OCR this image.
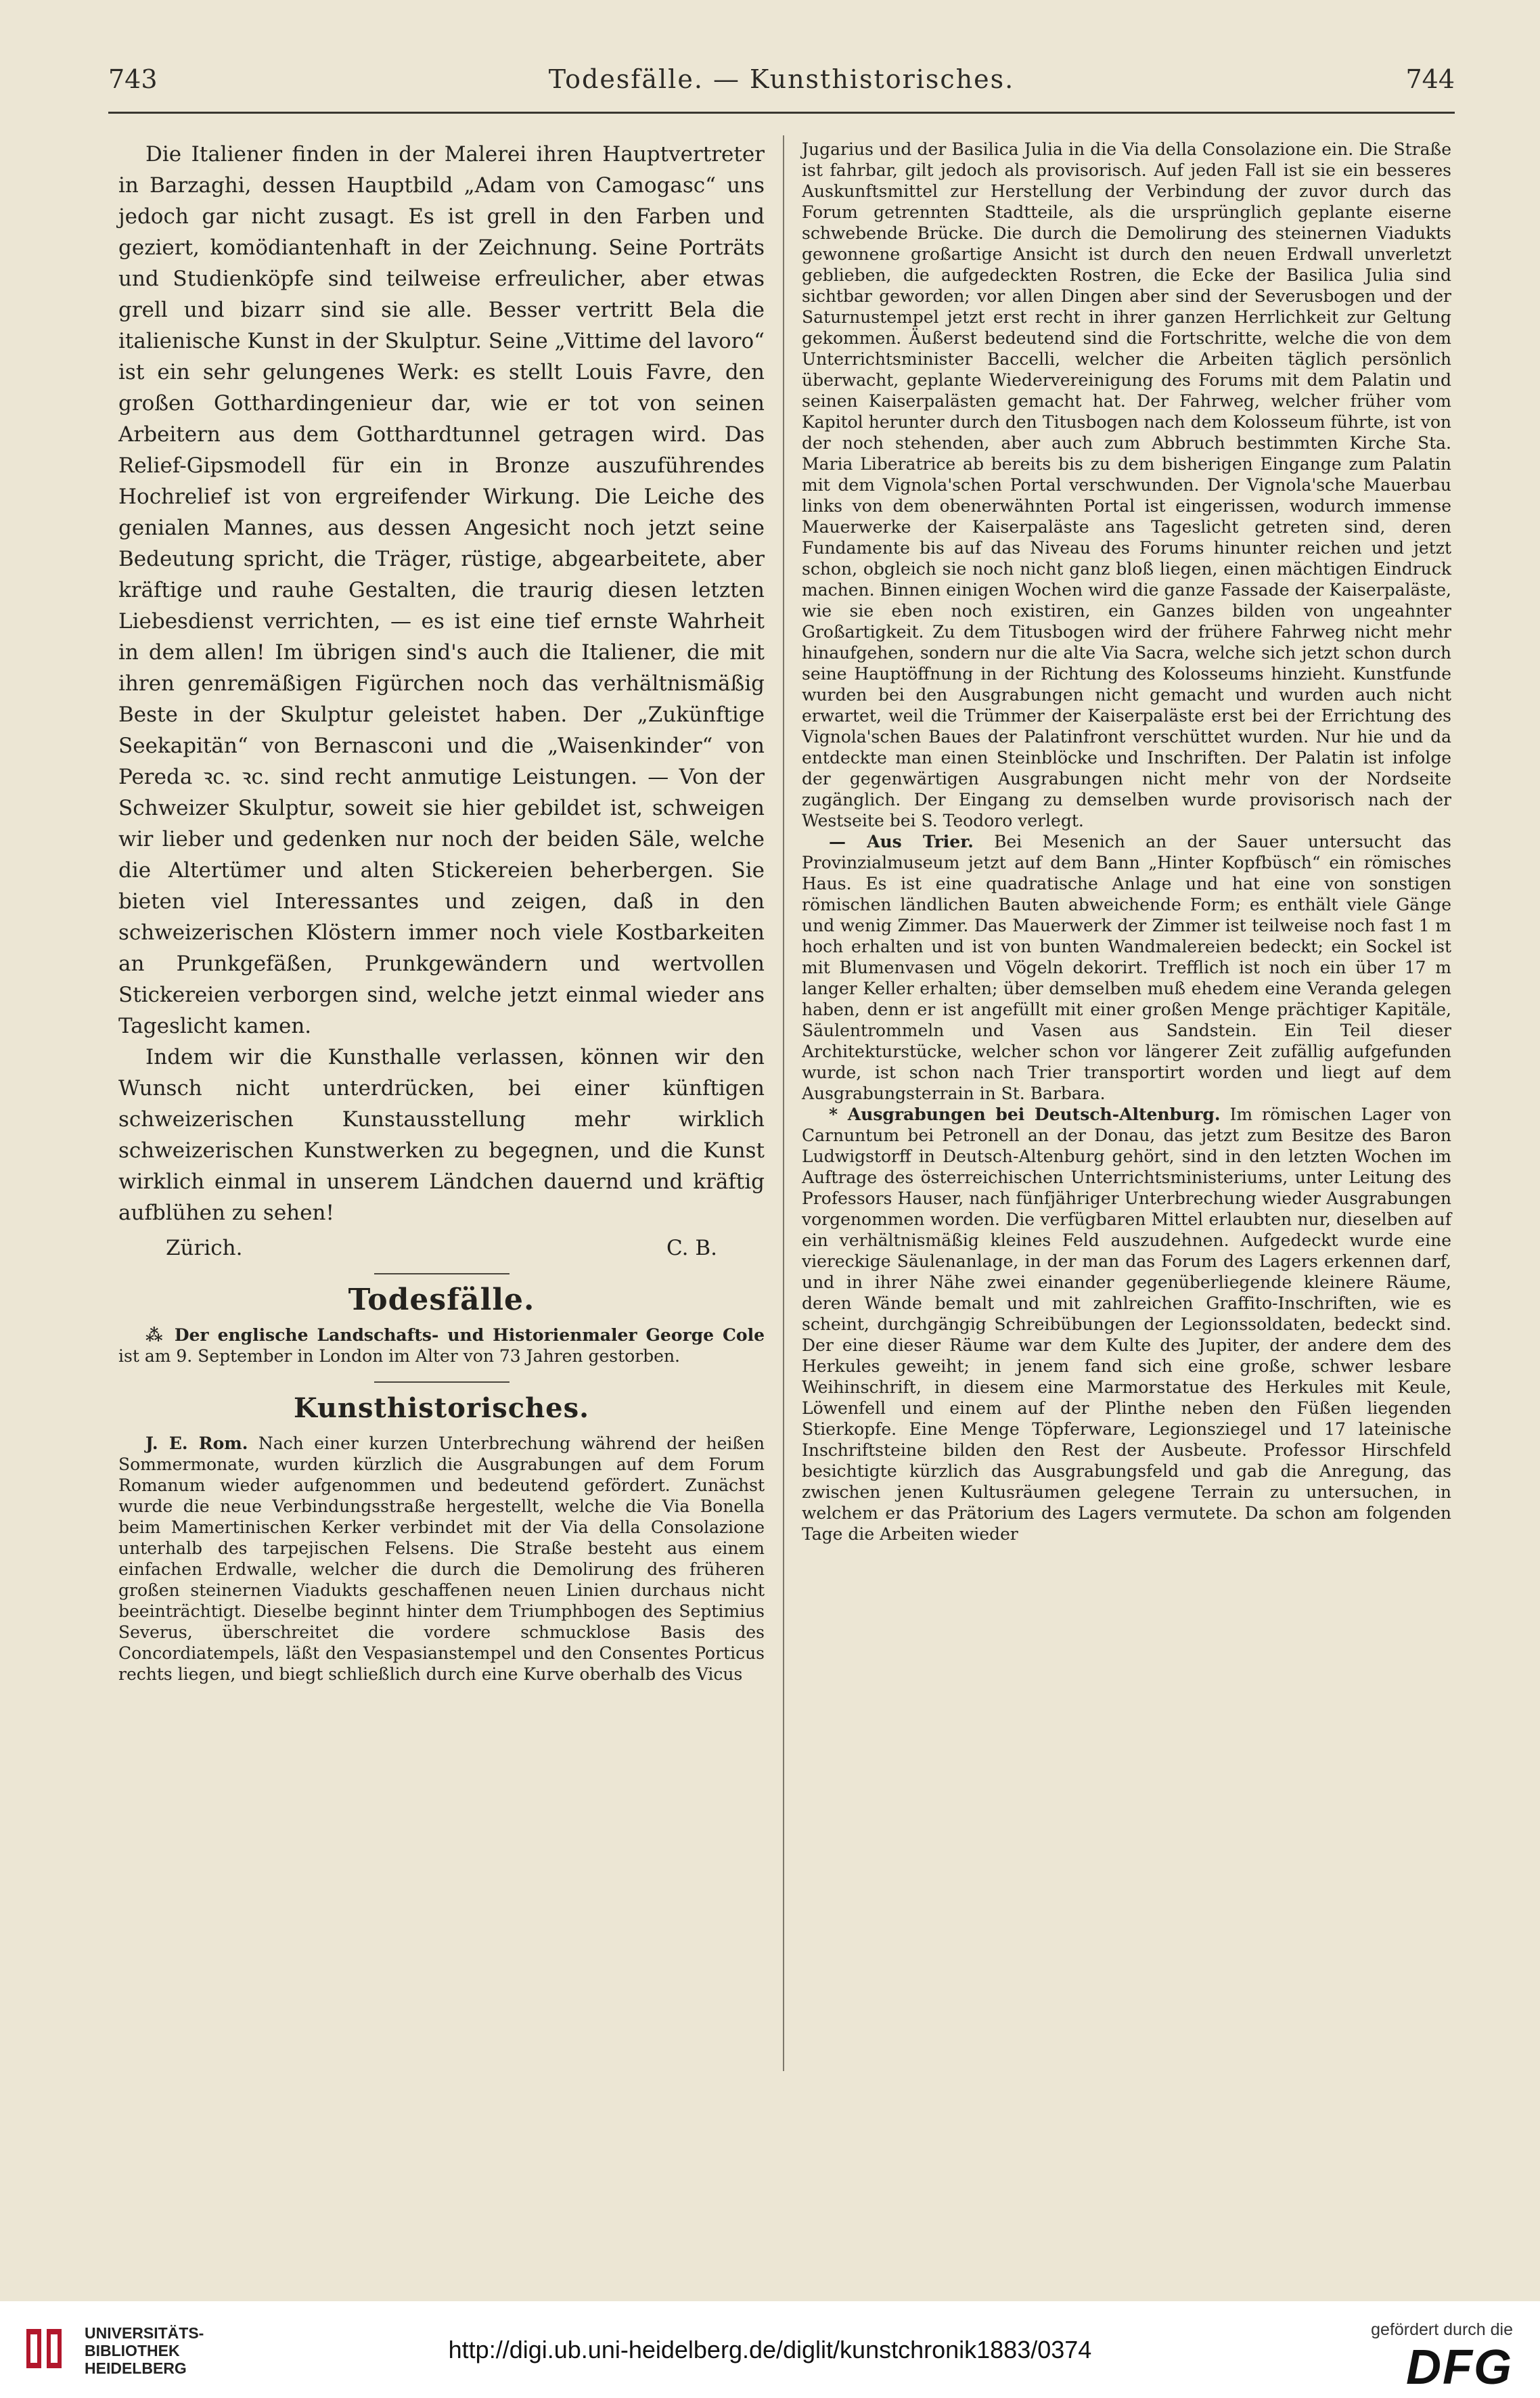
743	Todesfälle. — Kunsthistorisches.	744

Die Italiener finden in der Malerei ihren Hauptvertreter in Barzaghi, dessen Hauptbild „Adam von Camogasc“ uns jedoch gar nicht zusagt. Es ist grell in den Farben und geziert, komödiantenhaft in der Zeichnung. Seine Porträts und Studienköpfe sind teilweise erfreulicher, aber etwas grell und bizarr sind sie alle. Besser vertritt Bela die italienische Kunst in der Skulptur. Seine „Vittime del lavoro“ ist ein sehr gelungenes Werk: es stellt Louis Favre, den großen Gotthardingenieur dar, wie er tot von seinen Arbeitern aus dem Gotthardtunnel getragen wird. Das Relief-Gipsmodell für ein in Bronze auszuführendes Hochrelief ist von ergreifender Wirkung. Die Leiche des genialen Mannes, aus dessen Angesicht noch jetzt seine Bedeutung spricht, die Träger, rüstige, abgearbeitete, aber kräftige und rauhe Gestalten, die traurig diesen letzten Liebesdienst verrichten, — es ist eine tief ernste Wahrheit in dem allen! Im übrigen sind's auch die Italiener, die mit ihren genremäßigen Figürchen noch das verhältnismäßig Beste in der Skulptur geleistet haben. Der „Zukünftige Seekapitän“ von Bernasconi und die „Waisenkinder“ von Pereda ꝛc. ꝛc. sind recht anmutige Leistungen. — Von der Schweizer Skulptur, soweit sie hier gebildet ist, schweigen wir lieber und gedenken nur noch der beiden Säle, welche die Altertümer und alten Stickereien beherbergen. Sie bieten viel Interessantes und zeigen, daß in den schweizerischen Klöstern immer noch viele Kostbarkeiten an Prunkgefäßen, Prunkgewändern und wertvollen Stickereien verborgen sind, welche jetzt einmal wieder ans Tageslicht kamen.

Indem wir die Kunsthalle verlassen, können wir den Wunsch nicht unterdrücken, bei einer künftigen schweizerischen Kunstausstellung mehr wirklich schweizerischen Kunstwerken zu begegnen, und die Kunst wirklich einmal in unserem Ländchen dauernd und kräftig aufblühen zu sehen!

Zürich.	C. B.
Todesfälle.

⁂ Der englische Landschafts- und Historienmaler George Cole ist am 9. September in London im Alter von 73 Jahren gestorben.

Kunsthistorisches.

J. E. Rom. Nach einer kurzen Unterbrechung während der heißen Sommermonate, wurden kürzlich die Ausgrabungen auf dem Forum Romanum wieder aufgenommen und bedeutend gefördert. Zunächst wurde die neue Verbindungsstraße hergestellt, welche die Via Bonella beim Mamertinischen Kerker verbindet mit der Via della Consolazione unterhalb des tarpejischen Felsens. Die Straße besteht aus einem einfachen Erdwalle, welcher die durch die Demolirung des früheren großen steinernen Viadukts geschaffenen neuen Linien durchaus nicht beeinträchtigt. Dieselbe beginnt hinter dem Triumphbogen des Septimius Severus, überschreitet die vordere schmucklose Basis des Concordiatempels, läßt den Vespasianstempel und den Consentes Porticus rechts liegen, und biegt schließlich durch eine Kurve oberhalb des Vicus

Jugarius und der Basilica Julia in die Via della Consolazione ein. Die Straße ist fahrbar, gilt jedoch als provisorisch. Auf jeden Fall ist sie ein besseres Auskunftsmittel zur Herstellung der Verbindung der zuvor durch das Forum getrennten Stadtteile, als die ursprünglich geplante eiserne schwebende Brücke. Die durch die Demolirung des steinernen Viadukts gewonnene großartige Ansicht ist durch den neuen Erdwall unverletzt geblieben, die aufgedeckten Rostren, die Ecke der Basilica Julia sind sichtbar geworden; vor allen Dingen aber sind der Severusbogen und der Saturnustempel jetzt erst recht in ihrer ganzen Herrlichkeit zur Geltung gekommen. Äußerst bedeutend sind die Fortschritte, welche die von dem Unterrichtsminister Baccelli, welcher die Arbeiten täglich persönlich überwacht, geplante Wiedervereinigung des Forums mit dem Palatin und seinen Kaiserpalästen gemacht hat. Der Fahrweg, welcher früher vom Kapitol herunter durch den Titusbogen nach dem Kolosseum führte, ist von der noch stehenden, aber auch zum Abbruch bestimmten Kirche Sta. Maria Liberatrice ab bereits bis zu dem bisherigen Eingange zum Palatin mit dem Vignola'schen Portal verschwunden. Der Vignola'sche Mauerbau links von dem obenerwähnten Portal ist eingerissen, wodurch immense Mauerwerke der Kaiserpaläste ans Tageslicht getreten sind, deren Fundamente bis auf das Niveau des Forums hinunter reichen und jetzt schon, obgleich sie noch nicht ganz bloß liegen, einen mächtigen Eindruck machen. Binnen einigen Wochen wird die ganze Fassade der Kaiserpaläste, wie sie eben noch existiren, ein Ganzes bilden von ungeahnter Großartigkeit. Zu dem Titusbogen wird der frühere Fahrweg nicht mehr hinaufgehen, sondern nur die alte Via Sacra, welche sich jetzt schon durch seine Hauptöffnung in der Richtung des Kolosseums hinzieht. Kunstfunde wurden bei den Ausgrabungen nicht gemacht und wurden auch nicht erwartet, weil die Trümmer der Kaiserpaläste erst bei der Errichtung des Vignola'schen Baues der Palatinfront verschüttet wurden. Nur hie und da entdeckte man einen Steinblöcke und Inschriften. Der Palatin ist infolge der gegenwärtigen Ausgrabungen nicht mehr von der Nordseite zugänglich. Der Eingang zu demselben wurde provisorisch nach der Westseite bei S. Teodoro verlegt.

— Aus Trier. Bei Mesenich an der Sauer untersucht das Provinzialmuseum jetzt auf dem Bann „Hinter Kopfbüsch“ ein römisches Haus. Es ist eine quadratische Anlage und hat eine von sonstigen römischen ländlichen Bauten abweichende Form; es enthält viele Gänge und wenig Zimmer. Das Mauerwerk der Zimmer ist teilweise noch fast 1 m hoch erhalten und ist von bunten Wandmalereien bedeckt; ein Sockel ist mit Blumenvasen und Vögeln dekorirt. Trefflich ist noch ein über 17 m langer Keller erhalten; über demselben muß ehedem eine Veranda gelegen haben, denn er ist angefüllt mit einer großen Menge prächtiger Kapitäle, Säulentrommeln und Vasen aus Sandstein. Ein Teil dieser Architekturstücke, welcher schon vor längerer Zeit zufällig aufgefunden wurde, ist schon nach Trier transportirt worden und liegt auf dem Ausgrabungsterrain in St. Barbara.

* Ausgrabungen bei Deutsch-Altenburg. Im römischen Lager von Carnuntum bei Petronell an der Donau, das jetzt zum Besitze des Baron Ludwigstorff in Deutsch-Altenburg gehört, sind in den letzten Wochen im Auftrage des österreichischen Unterrichtsministeriums, unter Leitung des Professors Hauser, nach fünfjähriger Unterbrechung wieder Ausgrabungen vorgenommen worden. Die verfügbaren Mittel erlaubten nur, dieselben auf ein verhältnismäßig kleines Feld auszudehnen. Aufgedeckt wurde eine viereckige Säulenanlage, in der man das Forum des Lagers erkennen darf, und in ihrer Nähe zwei einander gegenüberliegende kleinere Räume, deren Wände bemalt und mit zahlreichen Graffito-Inschriften, wie es scheint, durchgängig Schreibübungen der Legionssoldaten, bedeckt sind. Der eine dieser Räume war dem Kulte des Jupiter, der andere dem des Herkules geweiht; in jenem fand sich eine große, schwer lesbare Weihinschrift, in diesem eine Marmorstatue des Herkules mit Keule, Löwenfell und einem auf der Plinthe neben den Füßen liegenden Stierkopfe. Eine Menge Töpferware, Legionsziegel und 17 lateinische Inschriftsteine bilden den Rest der Ausbeute. Professor Hirschfeld besichtigte kürzlich das Ausgrabungsfeld und gab die Anregung, das zwischen jenen Kultusräumen gelegene Terrain zu untersuchen, in welchem er das Prätorium des Lagers vermutete. Da schon am folgenden Tage die Arbeiten wieder

UNIVERSITÄTS-
BIBLIOTHEK
HEIDELBERG
http://digi.ub.uni-heidelberg.de/diglit/kunstchronik1883/0374
gefördert durch die
DFG
